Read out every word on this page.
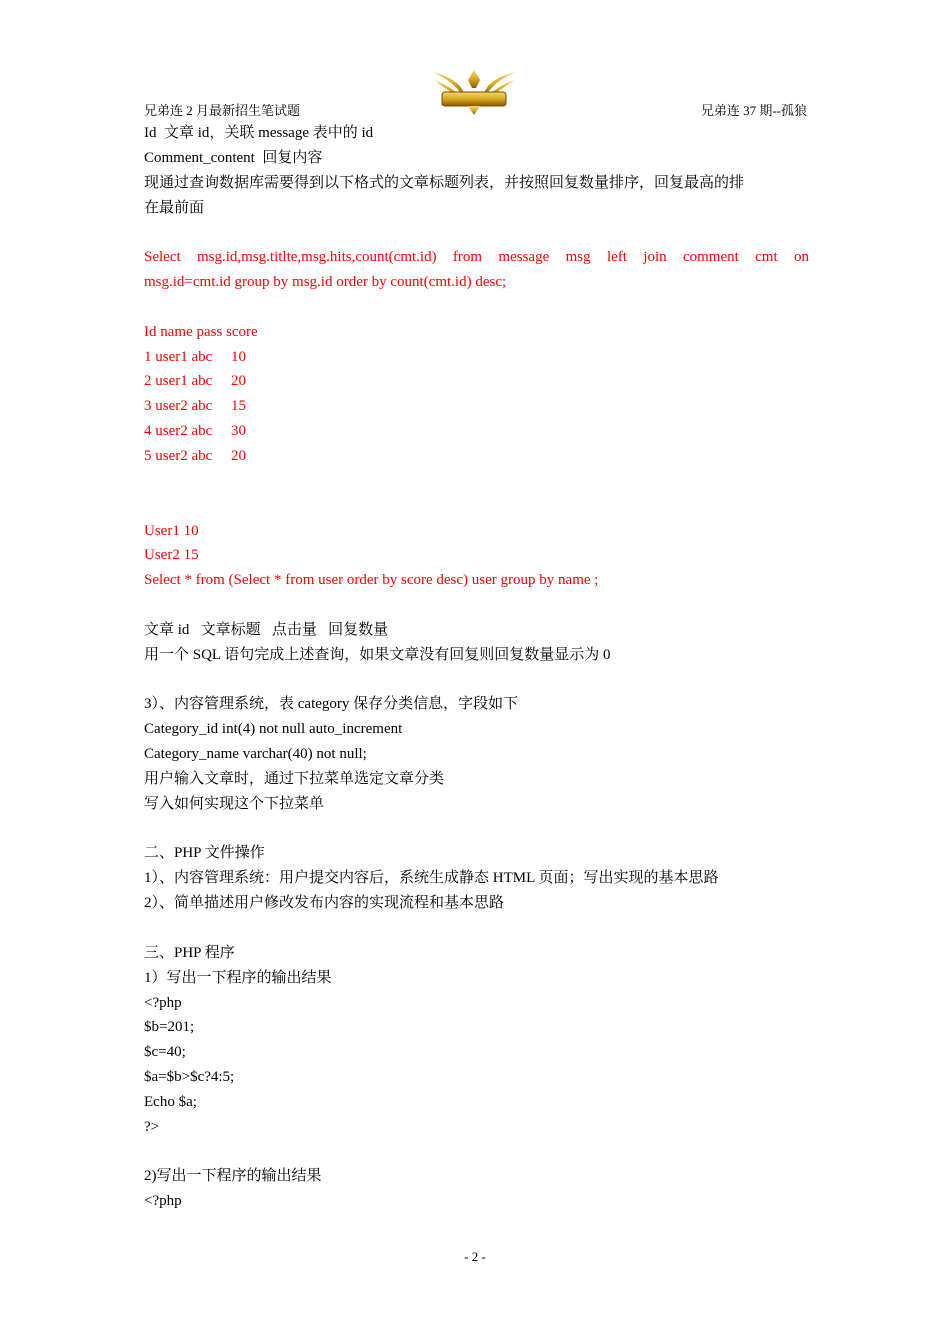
兄弟连 2 月最新招生笔试题	兄弟连 37 期--孤狼
Id  文章 id，关联 message 表中的 id
Comment_content  回复内容
现通过查询数据库需要得到以下格式的文章标题列表，并按照回复数量排序，回复最高的排
在最前面
Select msg.id,msg.titlte,msg.hits,count(cmt.id) from message msg left join comment cmt on
msg.id=cmt.id group by msg.id order by count(cmt.id) desc;
Id name pass score
1 user1 abc     10
2 user1 abc     20
3 user2 abc     15
4 user2 abc     30
5 user2 abc     20
User1 10
User2 15
Select * from (Select * from user order by score desc) user group by name ;
文章 id   文章标题   点击量   回复数量
用一个 SQL 语句完成上述查询，如果文章没有回复则回复数量显示为 0
3）、内容管理系统，表 category 保存分类信息，字段如下
Category_id int(4) not null auto_increment
Category_name varchar(40) not null;
用户输入文章时，通过下拉菜单选定文章分类
写入如何实现这个下拉菜单
二、PHP 文件操作
1）、内容管理系统：用户提交内容后，系统生成静态 HTML 页面；写出实现的基本思路
2）、简单描述用户修改发布内容的实现流程和基本思路
三、PHP 程序
1）写出一下程序的输出结果
<?php
$b=201;
$c=40;
$a=$b>$c?4:5;
Echo $a;
?>
2)写出一下程序的输出结果
<?php
- 2 -
